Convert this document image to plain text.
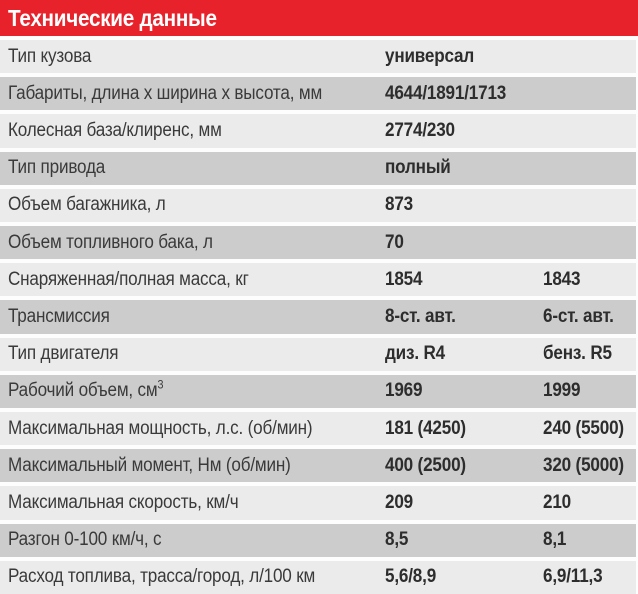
Технические данные
Тип кузова	универсал
Габариты, длина х ширина х высота, мм	4644/1891/1713
Колесная база/клиренс, мм	2774/230
Тип привода	полный
Объем багажника, л	873
Объем топливного бака, л	70
Снаряженная/полная масса, кг	1854	1843
Трансмиссия	8-ст. авт.	6-ст. авт.
Тип двигателя	диз. R4	бенз. R5
Рабочий объем, $см^3$	1969	1999
Максимальная мощность, л.с. (об/мин)	181 (4250)	240 (5500)
Максимальный момент, Нм (об/мин)	400 (2500)	320 (5000)
Максимальная скорость, км/ч	209	210
Разгон 0-100 км/ч, с	8,5	8,1
Расход топлива, трасса/город, л/100 км	5,6/8,9	6,9/11,3
